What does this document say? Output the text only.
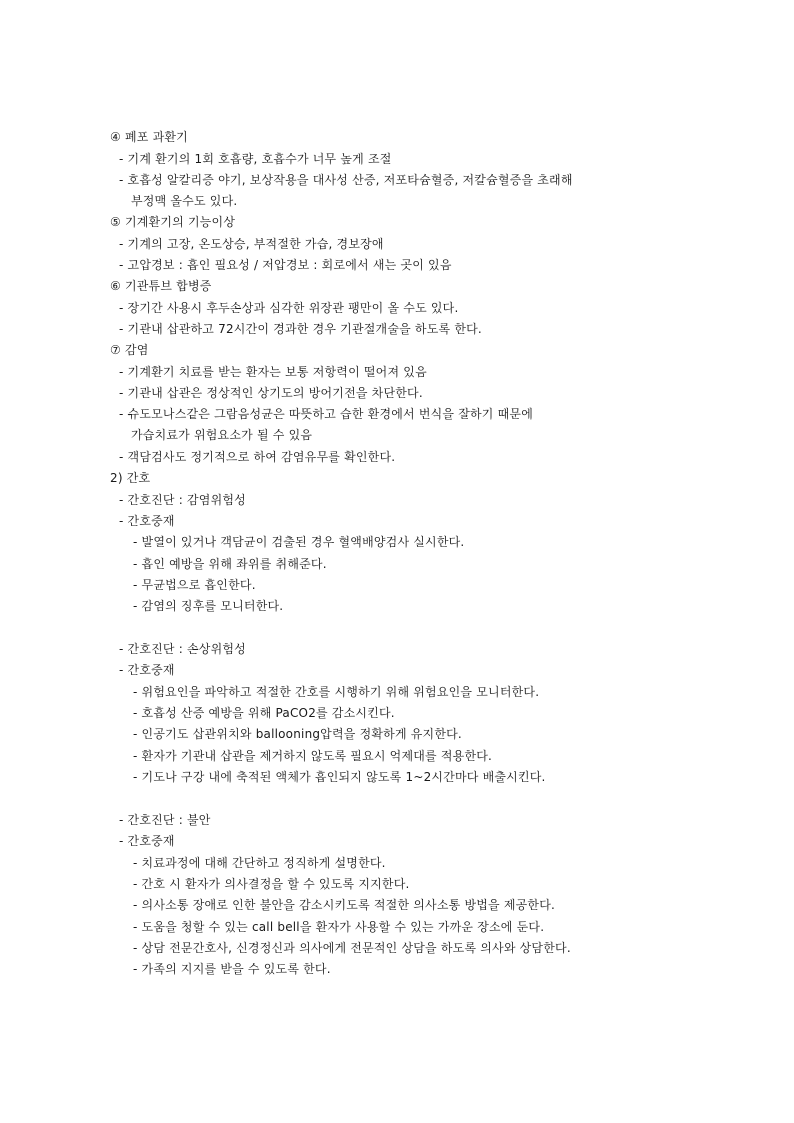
④ 폐포 과환기
- 기계 환기의 1회 호흡량, 호흡수가 너무 높게 조절
- 호흡성 알칼리증 야기, 보상작용을 대사성 산증, 저포타슘혈증, 저칼슘혈증을 초래해
부정맥 올수도 있다.
⑤ 기계환기의 기능이상
- 기계의 고장, 온도상승, 부적절한 가습, 경보장애
- 고압경보 : 흡인 필요성 / 저압경보 : 회로에서 새는 곳이 있음
⑥ 기관튜브 합병증
- 장기간 사용시 후두손상과 심각한 위장관 팽만이 올 수도 있다.
- 기관내 삽관하고 72시간이 경과한 경우 기관절개술을 하도록 한다.
⑦ 감염
- 기계환기 치료를 받는 환자는 보통 저항력이 떨어져 있음
- 기관내 삽관은 정상적인 상기도의 방어기전을 차단한다.
- 슈도모나스같은 그람음성균은 따뜻하고 습한 환경에서 번식을 잘하기 때문에
가습치료가 위험요소가 될 수 있음
- 객담검사도 정기적으로 하여 감염유무를 확인한다.
2) 간호
- 간호진단 : 감염위험성
- 간호중재
- 발열이 있거나 객담균이 검출된 경우 혈액배양검사 실시한다.
- 흡인 예방을 위해 좌위를 취해준다.
- 무균법으로 흡인한다.
- 감염의 징후를 모니터한다.
- 간호진단 : 손상위험성
- 간호중재
- 위험요인을 파악하고 적절한 간호를 시행하기 위해 위험요인을 모니터한다.
- 호흡성 산증 예방을 위해 PaCO2를 감소시킨다.
- 인공기도 삽관위치와 ballooning압력을 정확하게 유지한다.
- 환자가 기관내 삽관을 제거하지 않도록 필요시 억제대를 적용한다.
- 기도나 구강 내에 축적된 액체가 흡인되지 않도록 1~2시간마다 배출시킨다.
- 간호진단 : 불안
- 간호중재
- 치료과정에 대해 간단하고 정직하게 설명한다.
- 간호 시 환자가 의사결정을 할 수 있도록 지지한다.
- 의사소통 장애로 인한 불안을 감소시키도록 적절한 의사소통 방법을 제공한다.
- 도움을 청할 수 있는 call bell을 환자가 사용할 수 있는 가까운 장소에 둔다.
- 상담 전문간호사, 신경정신과 의사에게 전문적인 상담을 하도록 의사와 상담한다.
- 가족의 지지를 받을 수 있도록 한다.
